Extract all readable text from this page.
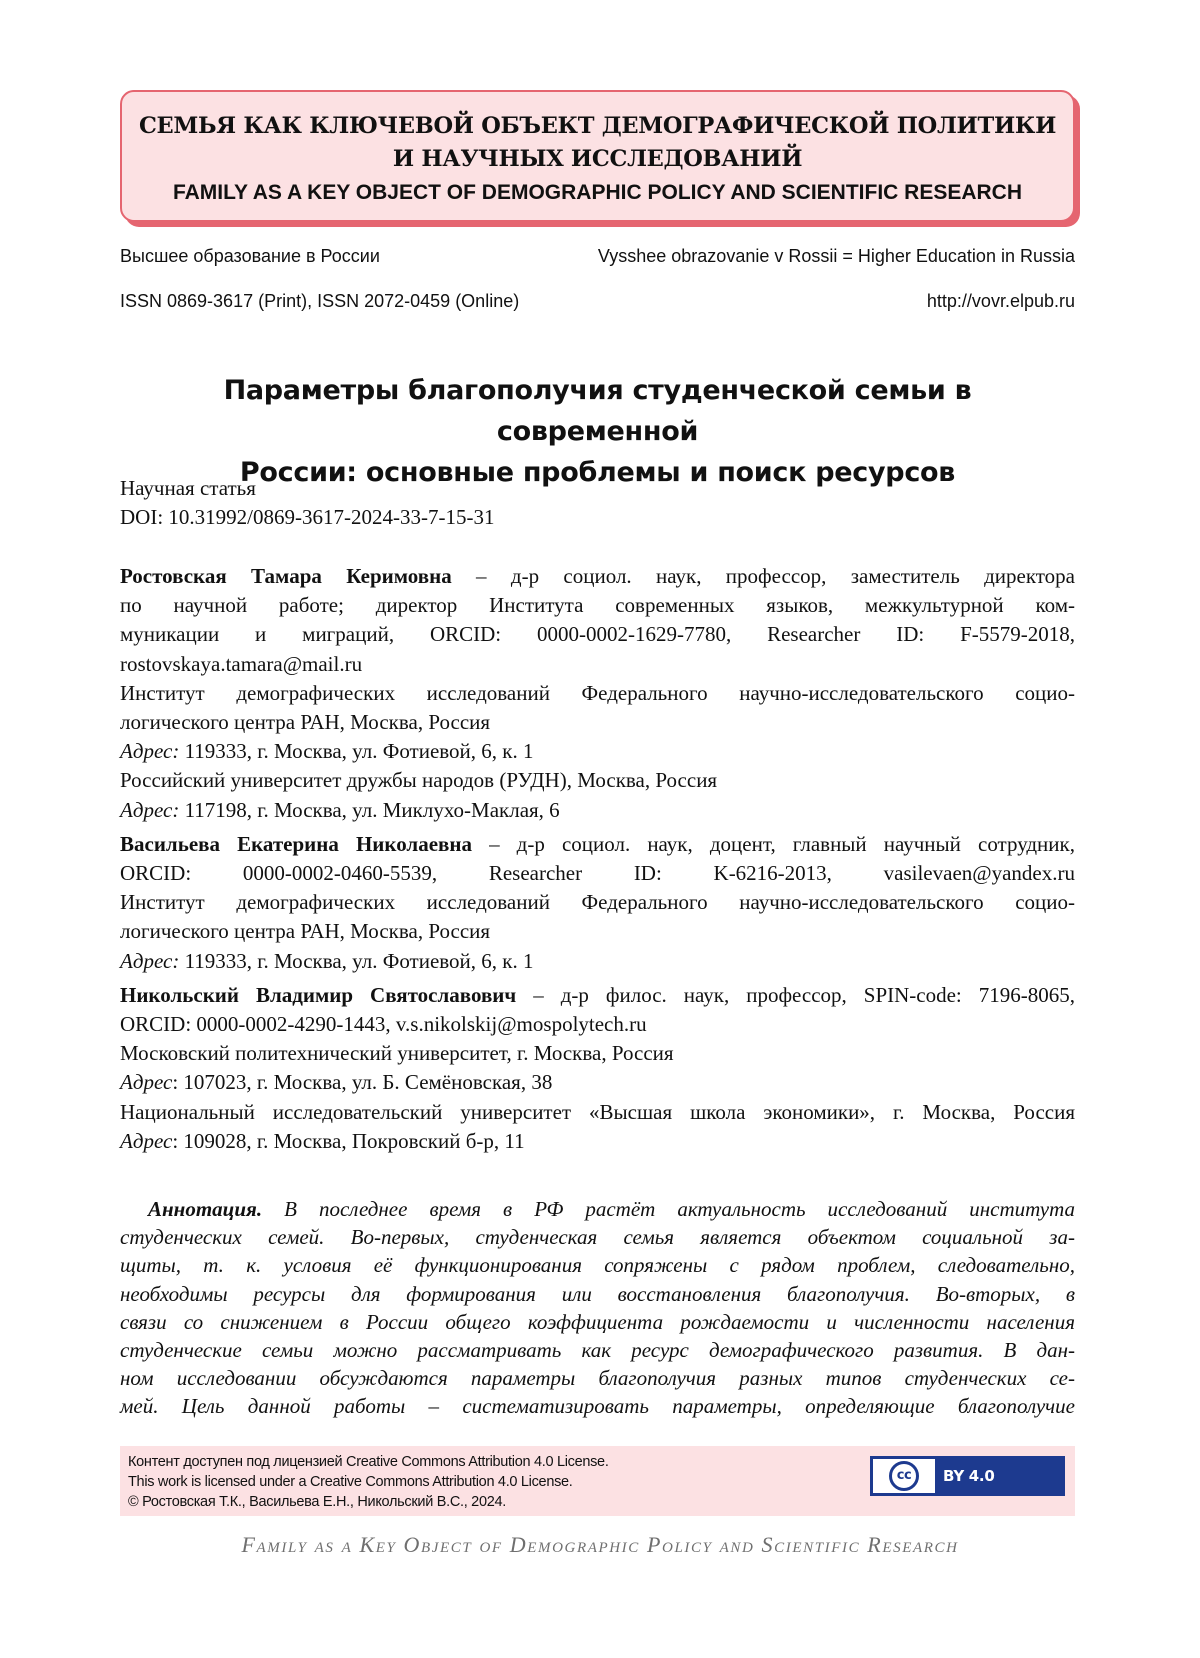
СЕМЬЯ КАК КЛЮЧЕВОЙ ОБЪЕКТ ДЕМОГРАФИЧЕСКОЙ ПОЛИТИКИ
И НАУЧНЫХ ИССЛЕДОВАНИЙ
FAMILY AS A KEY OBJECT OF DEMOGRAPHIC POLICY AND SCIENTIFIC RESEARCH
Высшее образование в России	Vysshee obrazovanie v Rossii = Higher Education in Russia
ISSN 0869-3617 (Print), ISSN 2072-0459 (Online)	http://vovr.elpub.ru
Параметры благополучия студенческой семьи в современной
России: основные проблемы и поиск ресурсов
Научная статья
DOI: 10.31992/0869-3617-2024-33-7-15-31

Ростовская Тамара Керимовна – д-р социол. наук, профессор, заместитель директора

по научной работе; директор Института современных языков, межкультурной ком-

муникации и миграций, ORCID: 0000-0002-1629-7780, Researcher ID: F-5579-2018,

rostovskaya.tamara@mail.ru

Институт демографических исследований Федерального научно-исследовательского социо-

логического центра РАН, Москва, Россия

Адрес: 119333, г. Москва, ул. Фотиевой, 6, к. 1

Российский университет дружбы народов (РУДН), Москва, Россия

Адрес: 117198, г. Москва, ул. Миклухо-Маклая, 6

Васильева Екатерина Николаевна – д-р социол. наук, доцент, главный научный сотрудник,

ORCID: 0000-0002-0460-5539, Researcher ID: K-6216-2013, vasilevaen@yandex.ru

Институт демографических исследований Федерального научно-исследовательского социо-

логического центра РАН, Москва, Россия

Адрес: 119333, г. Москва, ул. Фотиевой, 6, к. 1

Никольский Владимир Святославович – д-р филос. наук, профессор, SPIN-code: 7196-8065,

ORCID: 0000-0002-4290-1443, v.s.nikolskij@mospolytech.ru

Московский политехнический университет, г. Москва, Россия

Адрес: 107023, г. Москва, ул. Б. Семёновская, 38

Национальный исследовательский университет «Высшая школа экономики», г. Москва, Россия

Адрес: 109028, г. Москва, Покровский б-р, 11

Аннотация. В последнее время в РФ растёт актуальность исследований института

студенческих семей. Во-первых, студенческая семья является объектом социальной за-

щиты, т. к. условия её функционирования сопряжены с рядом проблем, следовательно,

необходимы ресурсы для формирования или восстановления благополучия. Во-вторых, в

связи со снижением в России общего коэффициента рождаемости и численности населения

студенческие семьи можно рассматривать как ресурс демографического развития. В дан-

ном исследовании обсуждаются параметры благополучия разных типов студенческих се-

мей. Цель данной работы – систематизировать параметры, определяющие благополучие

Контент доступен под лицензией Creative Commons Attribution 4.0 License.
This work is licensed under a Creative Commons Attribution 4.0 License.
© Ростовская Т.К., Васильева Е.Н., Никольский В.С., 2024.
cc	BY 4.0
Family as a Key Object of Demographic Policy and Scientific Research
